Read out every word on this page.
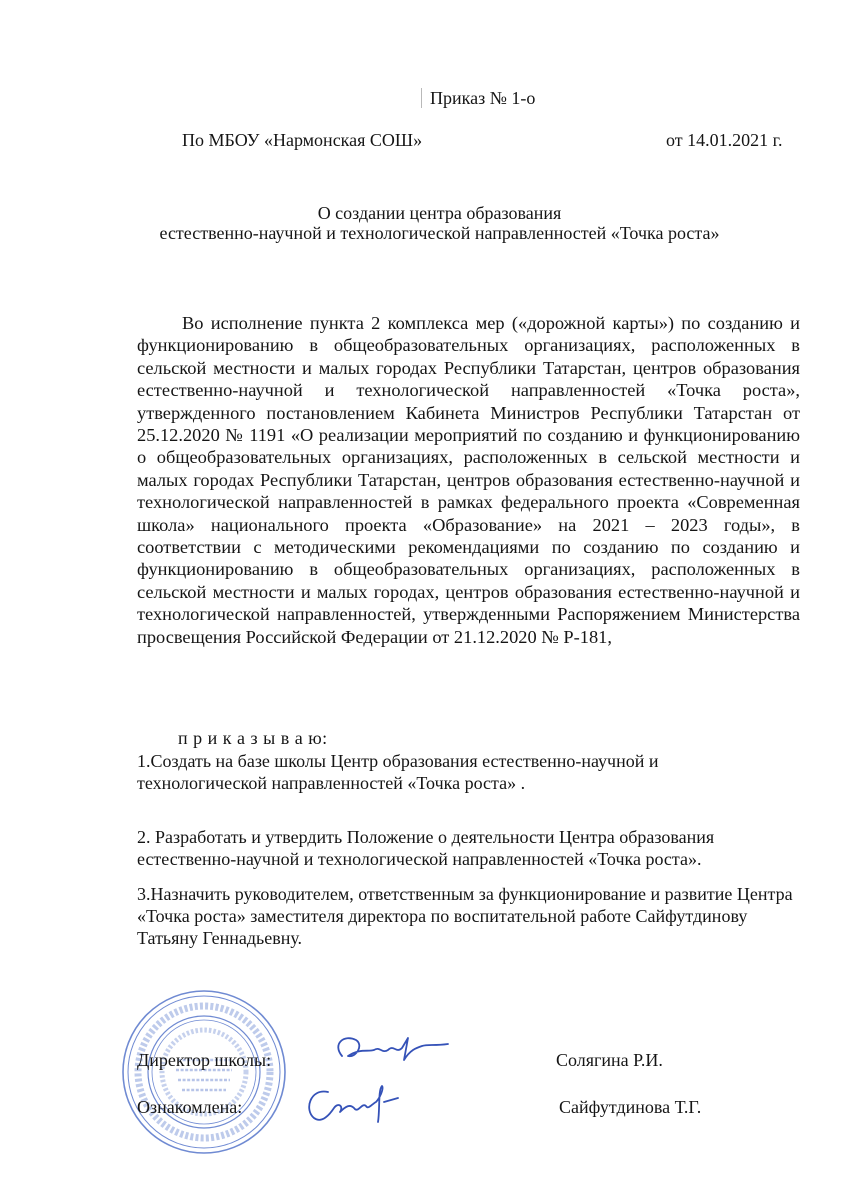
Приказ № 1-о
По МБОУ «Нармонская СОШ»	от 14.01.2021 г.
О создании центра образования
естественно-научной и технологической направленностей «Точка роста»
Во исполнение пункта 2 комплекса мер («дорожной карты») по созданию и функционированию в общеобразовательных организациях, расположенных в сельской местности и малых городах Республики Татарстан, центров образования естественно-научной и технологической направленностей «Точка роста», утвержденного постановлением Кабинета Министров Республики Татарстан от 25.12.2020 № 1191 «О реализации мероприятий по созданию и функционированию о общеобразовательных организациях, расположенных в сельской местности и малых городах Республики Татарстан, центров образования естественно-научной и технологической направленностей в рамках федерального проекта «Современная школа» национального проекта «Образование» на 2021 – 2023 годы», в соответствии с методическими рекомендациями по созданию по созданию и функционированию в общеобразовательных организациях, расположенных в сельской местности и малых городах, центров образования естественно-научной и технологической направленностей, утвержденными Распоряжением Министерства просвещения Российской Федерации от 21.12.2020 № Р-181,
п р и к а з ы в а ю:
1.Создать на базе школы Центр образования естественно-научной и технологической направленностей «Точка роста» .
2. Разработать и утвердить Положение о деятельности Центра образования естественно-научной и технологической направленностей «Точка роста».
3.Назначить руководителем, ответственным за функционирование и развитие Центра «Точка роста» заместителя директора по воспитательной работе Сайфутдинову Татьяну Геннадьевну.
Директор школы:	Солягина Р.И.
Ознакомлена:	Сайфутдинова Т.Г.
